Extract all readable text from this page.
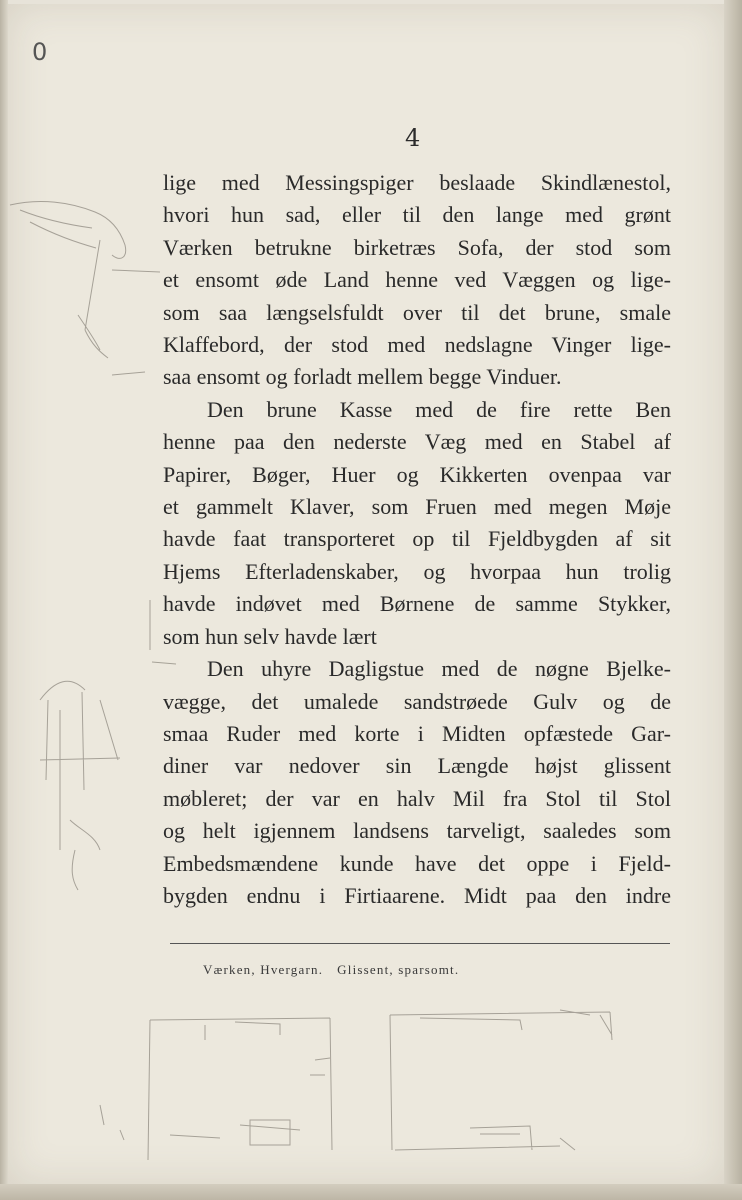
0
4

lige med Messingspiger beslaade Skindlænestol,

hvori hun sad, eller til den lange med grønt

Værken betrukne birketræs Sofa, der stod som

et ensomt øde Land henne ved Væggen og lige-

som saa længselsfuldt over til det brune, smale

Klaffebord, der stod med nedslagne Vinger lige-

saa ensomt og forladt mellem begge Vinduer.

Den brune Kasse med de fire rette Ben

henne paa den nederste Væg med en Stabel af

Papirer, Bøger, Huer og Kikkerten ovenpaa var

et gammelt Klaver, som Fruen med megen Møje

havde faat transporteret op til Fjeldbygden af sit

Hjems Efterladenskaber, og hvorpaa hun trolig

havde indøvet med Børnene de samme Stykker,

som hun selv havde lært

Den uhyre Dagligstue med de nøgne Bjelke-

vægge, det umalede sandstrøede Gulv og de

smaa Ruder med korte i Midten opfæstede Gar-

diner var nedover sin Længde højst glissent

møbleret; der var en halv Mil fra Stol til Stol

og helt igjennem landsens tarveligt, saaledes som

Embedsmændene kunde have det oppe i Fjeld-

bygden endnu i Firtiaarene. Midt paa den indre

Værken, Hvergarn. Glissent, sparsomt.
